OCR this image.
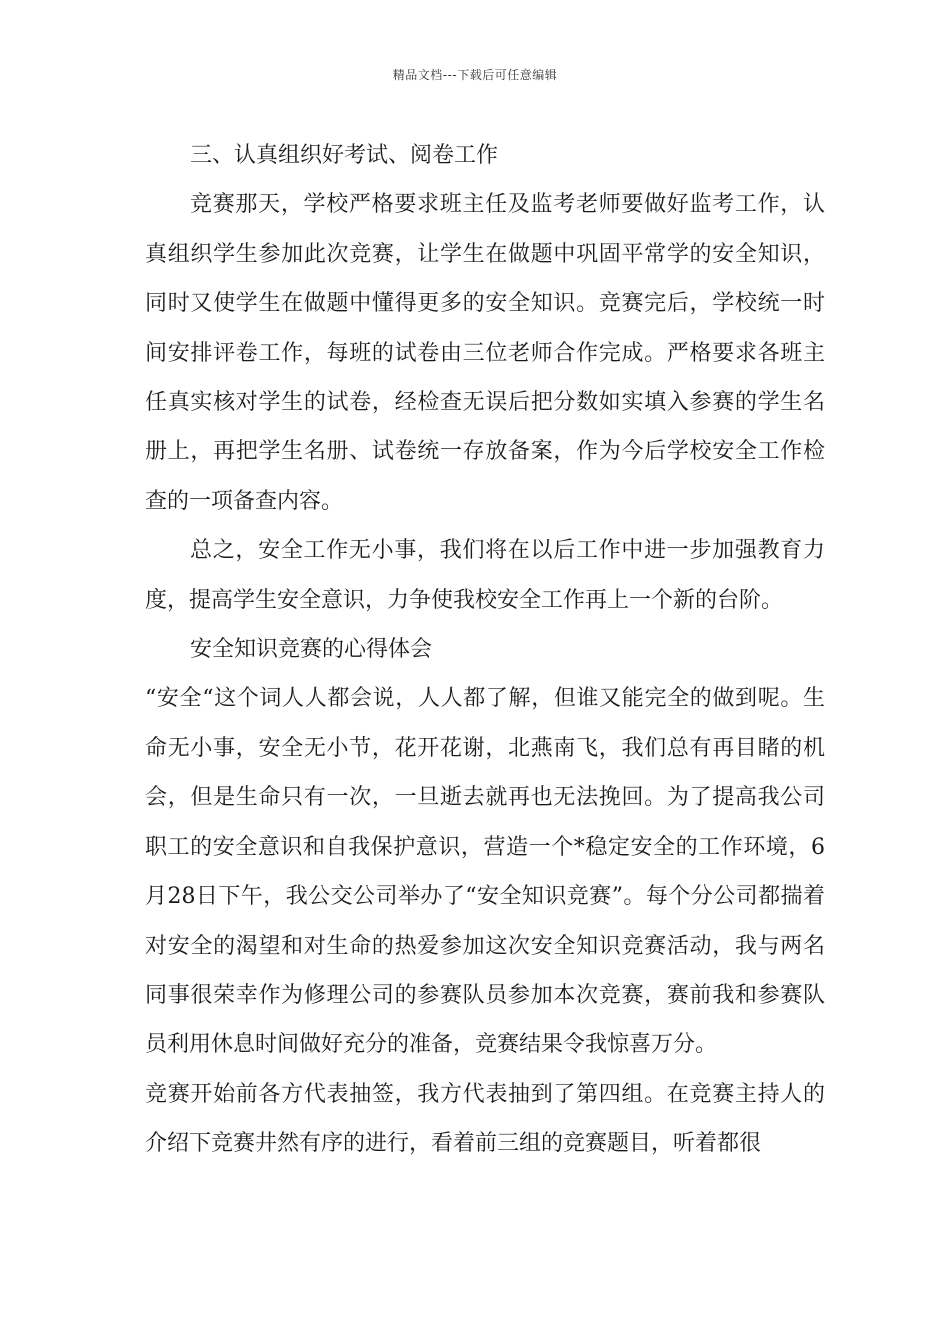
精品文档---下载后可任意编辑

三、认真组织好考试、阅卷工作

竞赛那天，学校严格要求班主任及监考老师要做好监考工作，认真组织学生参加此次竞赛，让学生在做题中巩固平常学的安全知识，同时又使学生在做题中懂得更多的安全知识。竞赛完后，学校统一时间安排评卷工作，每班的试卷由三位老师合作完成。严格要求各班主任真实核对学生的试卷，经检查无误后把分数如实填入参赛的学生名册上，再把学生名册、试卷统一存放备案，作为今后学校安全工作检查的一项备查内容。

总之，安全工作无小事，我们将在以后工作中进一步加强教育力度，提高学生安全意识，力争使我校安全工作再上一个新的台阶。

安全知识竞赛的心得体会

“安全“这个词人人都会说，人人都了解，但谁又能完全的做到呢。生命无小事，安全无小节，花开花谢，北燕南飞，我们总有再目睹的机会，但是生命只有一次，一旦逝去就再也无法挽回。为了提高我公司职工的安全意识和自我保护意识，营造一个*稳定安全的工作环境，6月28日下午，我公交公司举办了“安全知识竞赛”。每个分公司都揣着对安全的渴望和对生命的热爱参加这次安全知识竞赛活动，我与两名同事很荣幸作为修理公司的参赛队员参加本次竞赛，赛前我和参赛队员利用休息时间做好充分的准备，竞赛结果令我惊喜万分。

竞赛开始前各方代表抽签，我方代表抽到了第四组。在竞赛主持人的介绍下竞赛井然有序的进行，看着前三组的竞赛题目，听着都很
